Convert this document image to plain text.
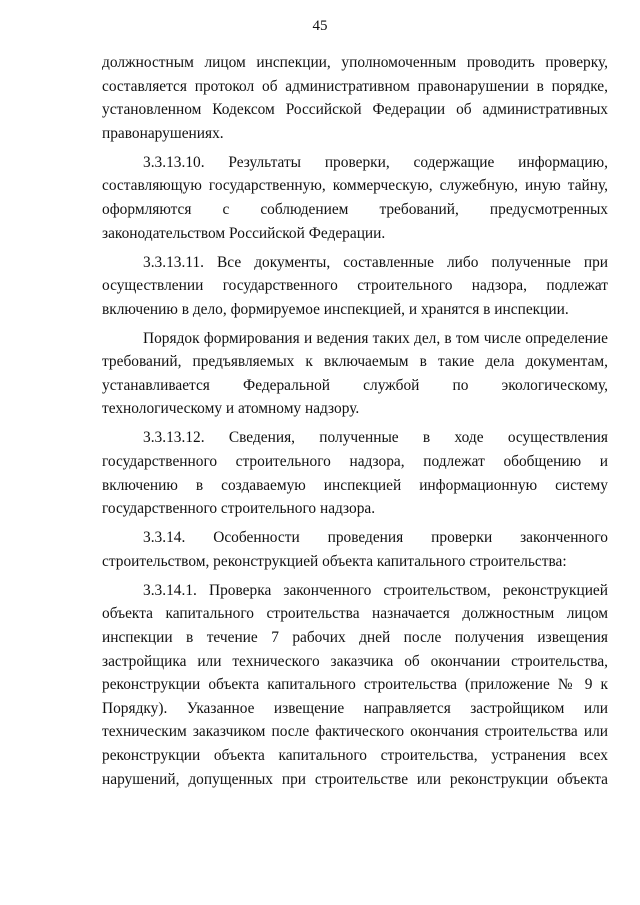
45
должностным лицом инспекции, уполномоченным проводить проверку,
составляется протокол об административном правонарушении в порядке,
установленном Кодексом Российской Федерации об административных
правонарушениях.
3.3.13.10. Результаты проверки, содержащие информацию,
составляющую государственную, коммерческую, служебную, иную тайну,
оформляются с соблюдением требований, предусмотренных
законодательством Российской Федерации.
3.3.13.11. Все документы, составленные либо полученные при
осуществлении государственного строительного надзора, подлежат
включению в дело, формируемое инспекцией, и хранятся в инспекции.
Порядок формирования и ведения таких дел, в том числе определение
требований, предъявляемых к включаемым в такие дела документам,
устанавливается Федеральной службой по экологическому,
технологическому и атомному надзору.
3.3.13.12. Сведения, полученные в ходе осуществления
государственного строительного надзора, подлежат обобщению и
включению в создаваемую инспекцией информационную систему
государственного строительного надзора.
3.3.14. Особенности проведения проверки законченного
строительством, реконструкцией объекта капитального строительства:
3.3.14.1. Проверка законченного строительством, реконструкцией
объекта капитального строительства назначается должностным лицом
инспекции в течение 7 рабочих дней после получения извещения
застройщика или технического заказчика об окончании строительства,
реконструкции объекта капитального строительства (приложение № 9 к
Порядку). Указанное извещение направляется застройщиком или
техническим заказчиком после фактического окончания строительства или
реконструкции объекта капитального строительства, устранения всех
нарушений, допущенных при строительстве или реконструкции объекта
